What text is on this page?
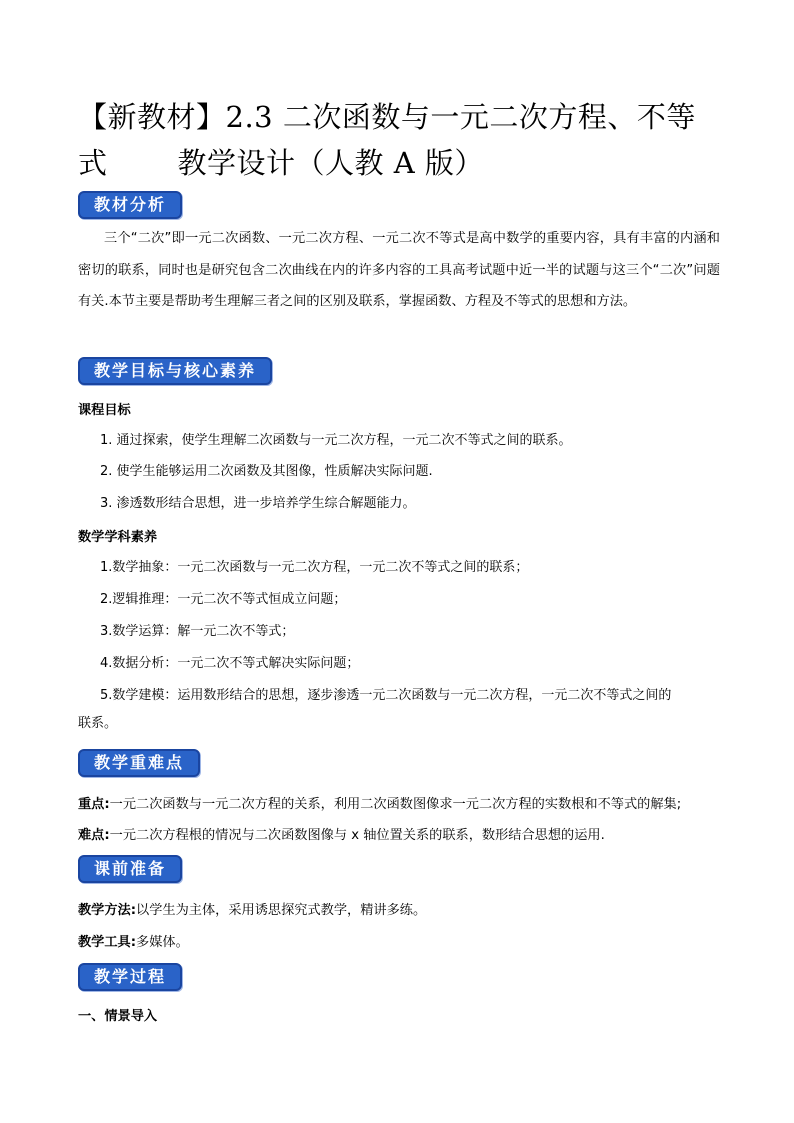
【新教材】2.3 二次函数与一元二次方程、不等
式 教学设计（人教 A 版）
教材分析

三个“二次”即一元二次函数、一元二次方程、一元二次不等式是高中数学的重要内容，具有丰富的内涵和密切的联系，同时也是研究包含二次曲线在内的许多内容的工具高考试题中近一半的试题与这三个“二次”问题有关.本节主要是帮助考生理解三者之间的区别及联系，掌握函数、方程及不等式的思想和方法。

教学目标与核心素养

课程目标

1. 通过探索，使学生理解二次函数与一元二次方程，一元二次不等式之间的联系。

2. 使学生能够运用二次函数及其图像，性质解决实际问题.

3. 渗透数形结合思想，进一步培养学生综合解题能力。

数学学科素养

1.数学抽象：一元二次函数与一元二次方程，一元二次不等式之间的联系；

2.逻辑推理：一元二次不等式恒成立问题；

3.数学运算：解一元二次不等式；

4.数据分析：一元二次不等式解决实际问题；

5.数学建模：运用数形结合的思想，逐步渗透一元二次函数与一元二次方程，一元二次不等式之间的

联系。

教学重难点

重点:一元二次函数与一元二次方程的关系，利用二次函数图像求一元二次方程的实数根和不等式的解集;

难点:一元二次方程根的情况与二次函数图像与 x 轴位置关系的联系，数形结合思想的运用.

课前准备

教学方法:以学生为主体，采用诱思探究式教学，精讲多练。

教学工具:多媒体。

教学过程

一、情景导入
